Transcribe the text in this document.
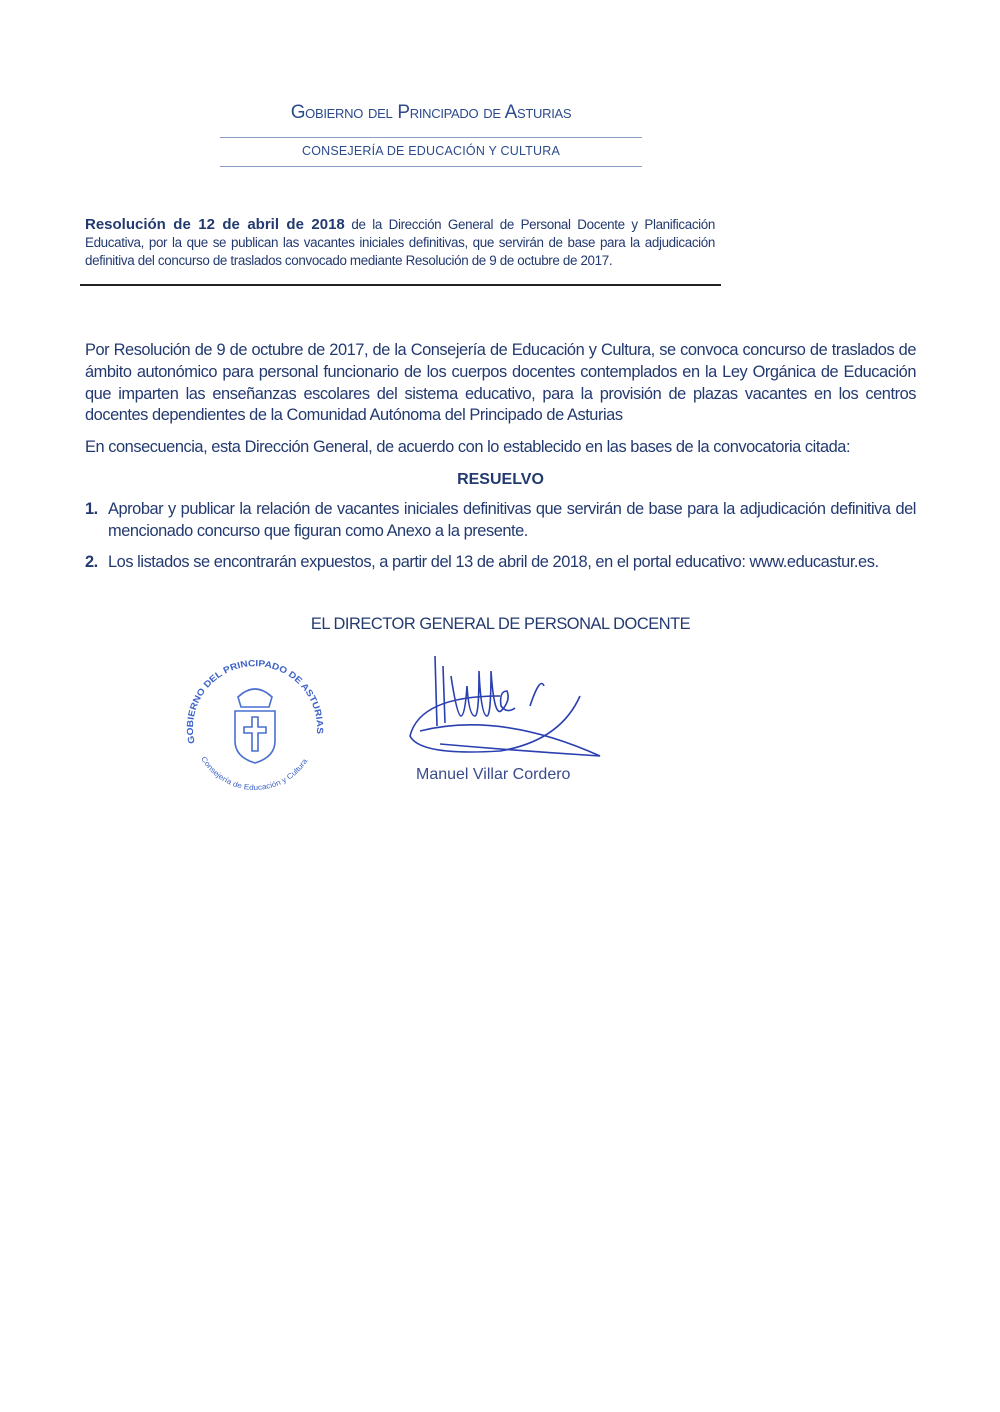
Gobierno del Principado de Asturias
CONSEJERÍA DE EDUCACIÓN Y CULTURA
Resolución de 12 de abril de 2018 de la Dirección General de Personal Docente y Planificación Educativa, por la que se publican las vacantes iniciales definitivas, que servirán de base para la adjudicación definitiva del concurso de traslados convocado mediante Resolución de 9 de octubre de 2017.

Por Resolución de 9 de octubre de 2017, de la Consejería de Educación y Cultura, se convoca concurso de traslados de ámbito autonómico para personal funcionario de los cuerpos docentes contemplados en la Ley Orgánica de Educación que imparten las enseñanzas escolares del sistema educativo, para la provisión de plazas vacantes en los centros docentes dependientes de la Comunidad Autónoma del Principado de Asturias

En consecuencia, esta Dirección General, de acuerdo con lo establecido en las bases de la convocatoria citada:

RESUELVO
1. Aprobar y publicar la relación de vacantes iniciales definitivas que servirán de base para la adjudicación definitiva del mencionado concurso que figuran como Anexo a la presente.
2. Los listados se encontrarán expuestos, a partir del 13 de abril de 2018, en el portal educativo: www.educastur.es.
EL DIRECTOR GENERAL DE PERSONAL DOCENTE
GOBIERNO DEL PRINCIPADO DE ASTURIAS
Consejería de Educación y Cultura
Manuel Villar Cordero
